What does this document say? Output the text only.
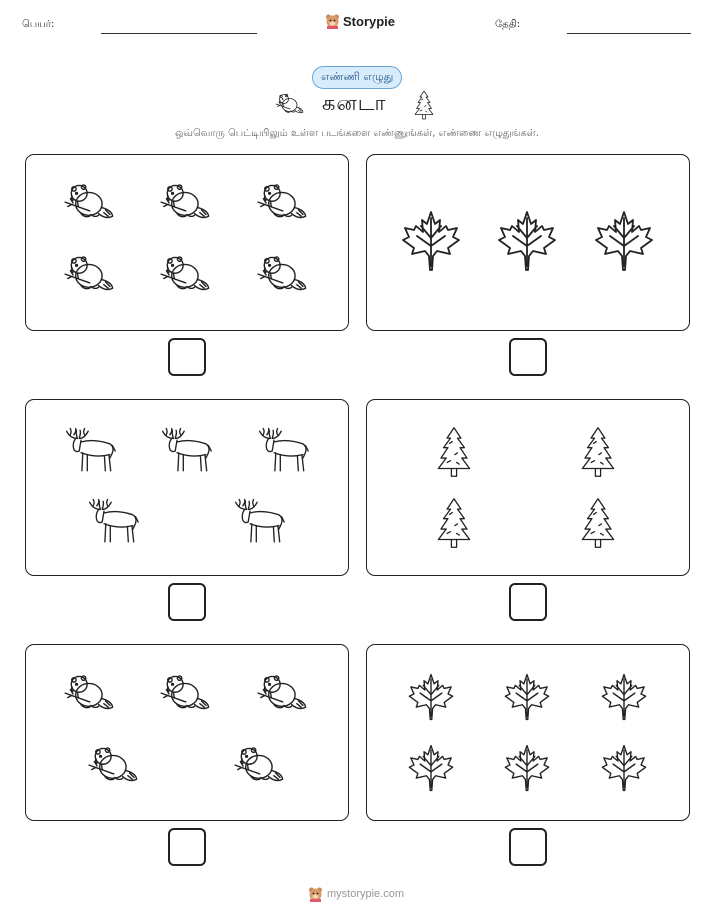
பெயர்:	Storypie	தேதி:
எண்ணி எழுது
கனடா
ஒவ்வொரு பெட்டியிலும் உள்ள படங்களை எண்ணுங்கள், எண்ணை எழுதுங்கள்.
mystorypie.com
